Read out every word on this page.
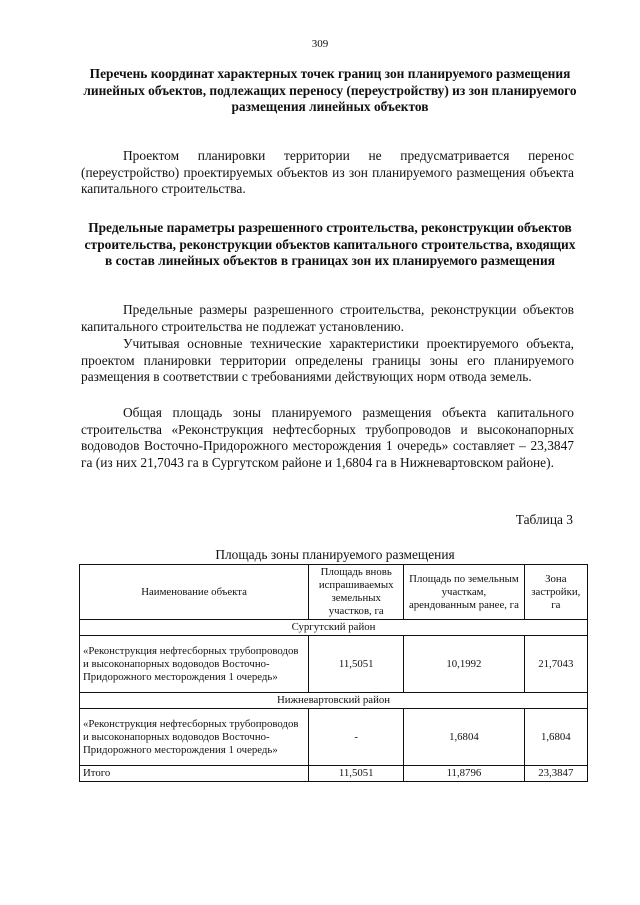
309
Перечень координат характерных точек границ зон планируемого размещения линейных объектов, подлежащих переносу (переустройству) из зон планируемого размещения линейных объектов

Проектом планировки территории не предусматривается перенос (переустройство) проектируемых объектов из зон планируемого размещения объекта капитального строительства.

Предельные параметры разрешенного строительства, реконструкции объектов строительства, реконструкции объектов капитального строительства, входящих в состав линейных объектов в границах зон их планируемого размещения

Предельные размеры разрешенного строительства, реконструкции объектов капитального строительства не подлежат установлению.

Учитывая основные технические характеристики проектируемого объекта, проектом планировки территории определены границы зоны его планируемого размещения в соответствии с требованиями действующих норм отвода земель.

Общая площадь зоны планируемого размещения объекта капитального строительства «Реконструкция нефтесборных трубопроводов и высоконапорных водоводов Восточно-Придорожного месторождения 1 очередь» составляет – 23,3847 га (из них 21,7043 га в Сургутском районе и 1,6804 га в Нижневартовском районе).

Таблица 3
Площадь зоны планируемого размещения
Наименование объекта	Площадь вновь испрашиваемых земельных участков, га	Площадь по земельным участкам, арендованным ранее, га	Зона застройки, га
Сургутский район			
«Реконструкция нефтесборных трубопроводов и высоконапорных водоводов Восточно-Придорожного месторождения 1 очередь»	11,5051	10,1992	21,7043
Нижневартовский район			
«Реконструкция нефтесборных трубопроводов и высоконапорных водоводов Восточно-Придорожного месторождения 1 очередь»	-	1,6804	1,6804
Итого	11,5051	11,8796	23,3847
